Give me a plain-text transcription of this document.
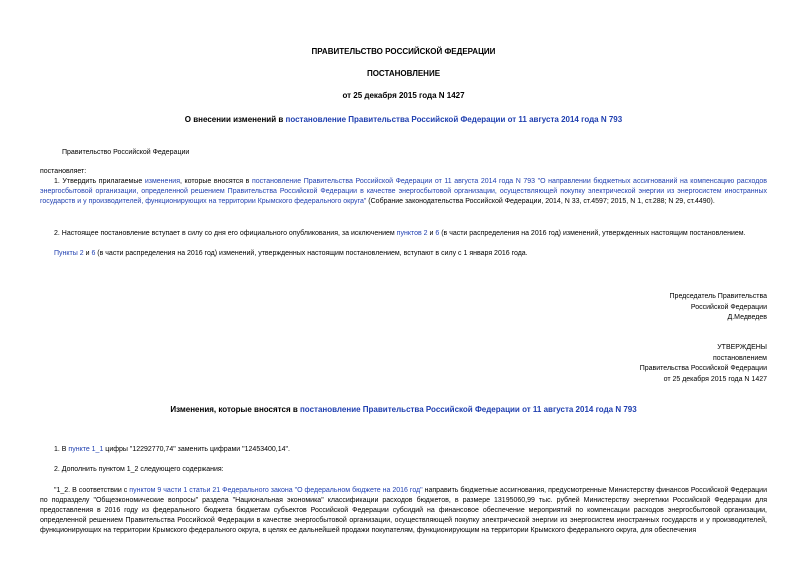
ПРАВИТЕЛЬСТВО РОССИЙСКОЙ ФЕДЕРАЦИИ
ПОСТАНОВЛЕНИЕ
от 25 декабря 2015 года N 1427
О внесении изменений в постановление Правительства Российской Федерации от 11 августа 2014 года N 793
Правительство Российской Федерации
постановляет:
1. Утвердить прилагаемые изменения, которые вносятся в постановление Правительства Российской Федерации от 11 августа 2014 года N 793 "О направлении бюджетных ассигнований на компенсацию расходов энергосбытовой организации, определенной решением Правительства Российской Федерации в качестве энергосбытовой организации, осуществляющей покупку электрической энергии из энергосистем иностранных государств и у производителей, функционирующих на территории Крымского федерального округа" (Собрание законодательства Российской Федерации, 2014, N 33, ст.4597; 2015, N 1, ст.288; N 29, ст.4490).
2. Настоящее постановление вступает в силу со дня его официального опубликования, за исключением пунктов 2 и 6 (в части распределения на 2016 год) изменений, утвержденных настоящим постановлением.
Пункты 2 и 6 (в части распределения на 2016 год) изменений, утвержденных настоящим постановлением, вступают в силу с 1 января 2016 года.
Председатель Правительства
Российской Федерации
Д.Медведев
УТВЕРЖДЕНЫ
постановлением
Правительства Российской Федерации
от 25 декабря 2015 года N 1427
Изменения, которые вносятся в постановление Правительства Российской Федерации от 11 августа 2014 года N 793
1. В пункте 1_1 цифры "12292770,74" заменить цифрами "12453400,14".
2. Дополнить пунктом 1_2 следующего содержания:
"1_2. В соответствии с пунктом 9 части 1 статьи 21 Федерального закона "О федеральном бюджете на 2016 год" направить бюджетные ассигнования, предусмотренные Министерству финансов Российской Федерации по подразделу "Общеэкономические вопросы" раздела "Национальная экономика" классификации расходов бюджетов, в размере 13195060,99 тыс. рублей Министерству энергетики Российской Федерации для предоставления в 2016 году из федерального бюджета бюджетам субъектов Российской Федерации субсидий на финансовое обеспечение мероприятий по компенсации расходов энергосбытовой организации, определенной решением Правительства Российской Федерации в качестве энергосбытовой организации, осуществляющей покупку электрической энергии из энергосистем иностранных государств и у производителей, функционирующих на территории Крымского федерального округа, в целях ее дальнейшей продажи покупателям, функционирующим на территории Крымского федерального округа, для обеспечения
